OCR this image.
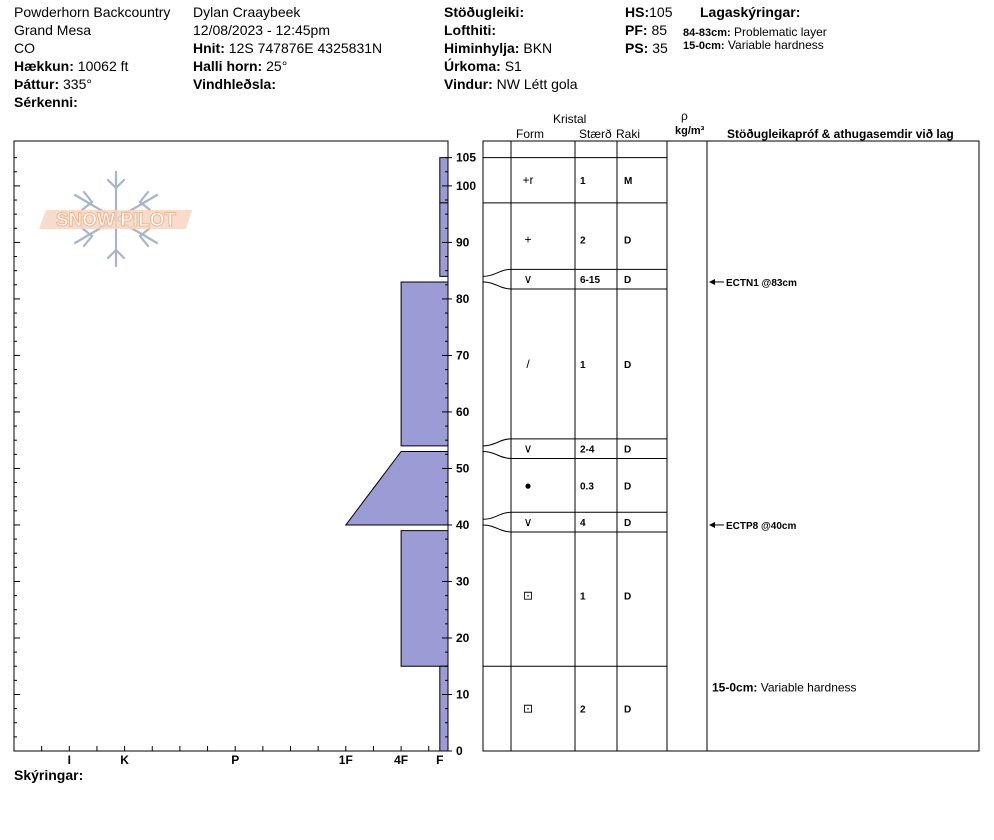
Powderhorn Backcountry
Grand Mesa
CO
Hækkun: 10062 ft
Þáttur: 335°
Sérkenni:
Dylan Craaybeek
12/08/2023 - 12:45pm
Hnit: 12S 747876E 4325831N
Halli horn: 25°
Vindhleðsla:
Stöðugleiki:
Lofthiti:
Himinhylja: BKN
Úrkoma: S1
Vindur: NW Létt gola
HS:105
PF: 85
PS: 35
Lagaskýringar:
84-83cm: Problematic layer
15-0cm: Variable hardness
Kristal
Form	Stærð Raki
ρ
kg/m³ Stöðugleikapróf & athugasemdir við lag
Skýringar:
SNOW PILOT
I	K	P	1F	4F F
0
10
20
30
40
50
60
70
80
90
100
105
+r	1	M
+	2	D
∨	6-15 D
/	1	D
∨	2-4	D
●	0.3	D
∨	4	D
⊡	1	D
⊡	2	D
ECTN1 @83cm
ECTP8 @40cm
15-0cm: Variable hardness
